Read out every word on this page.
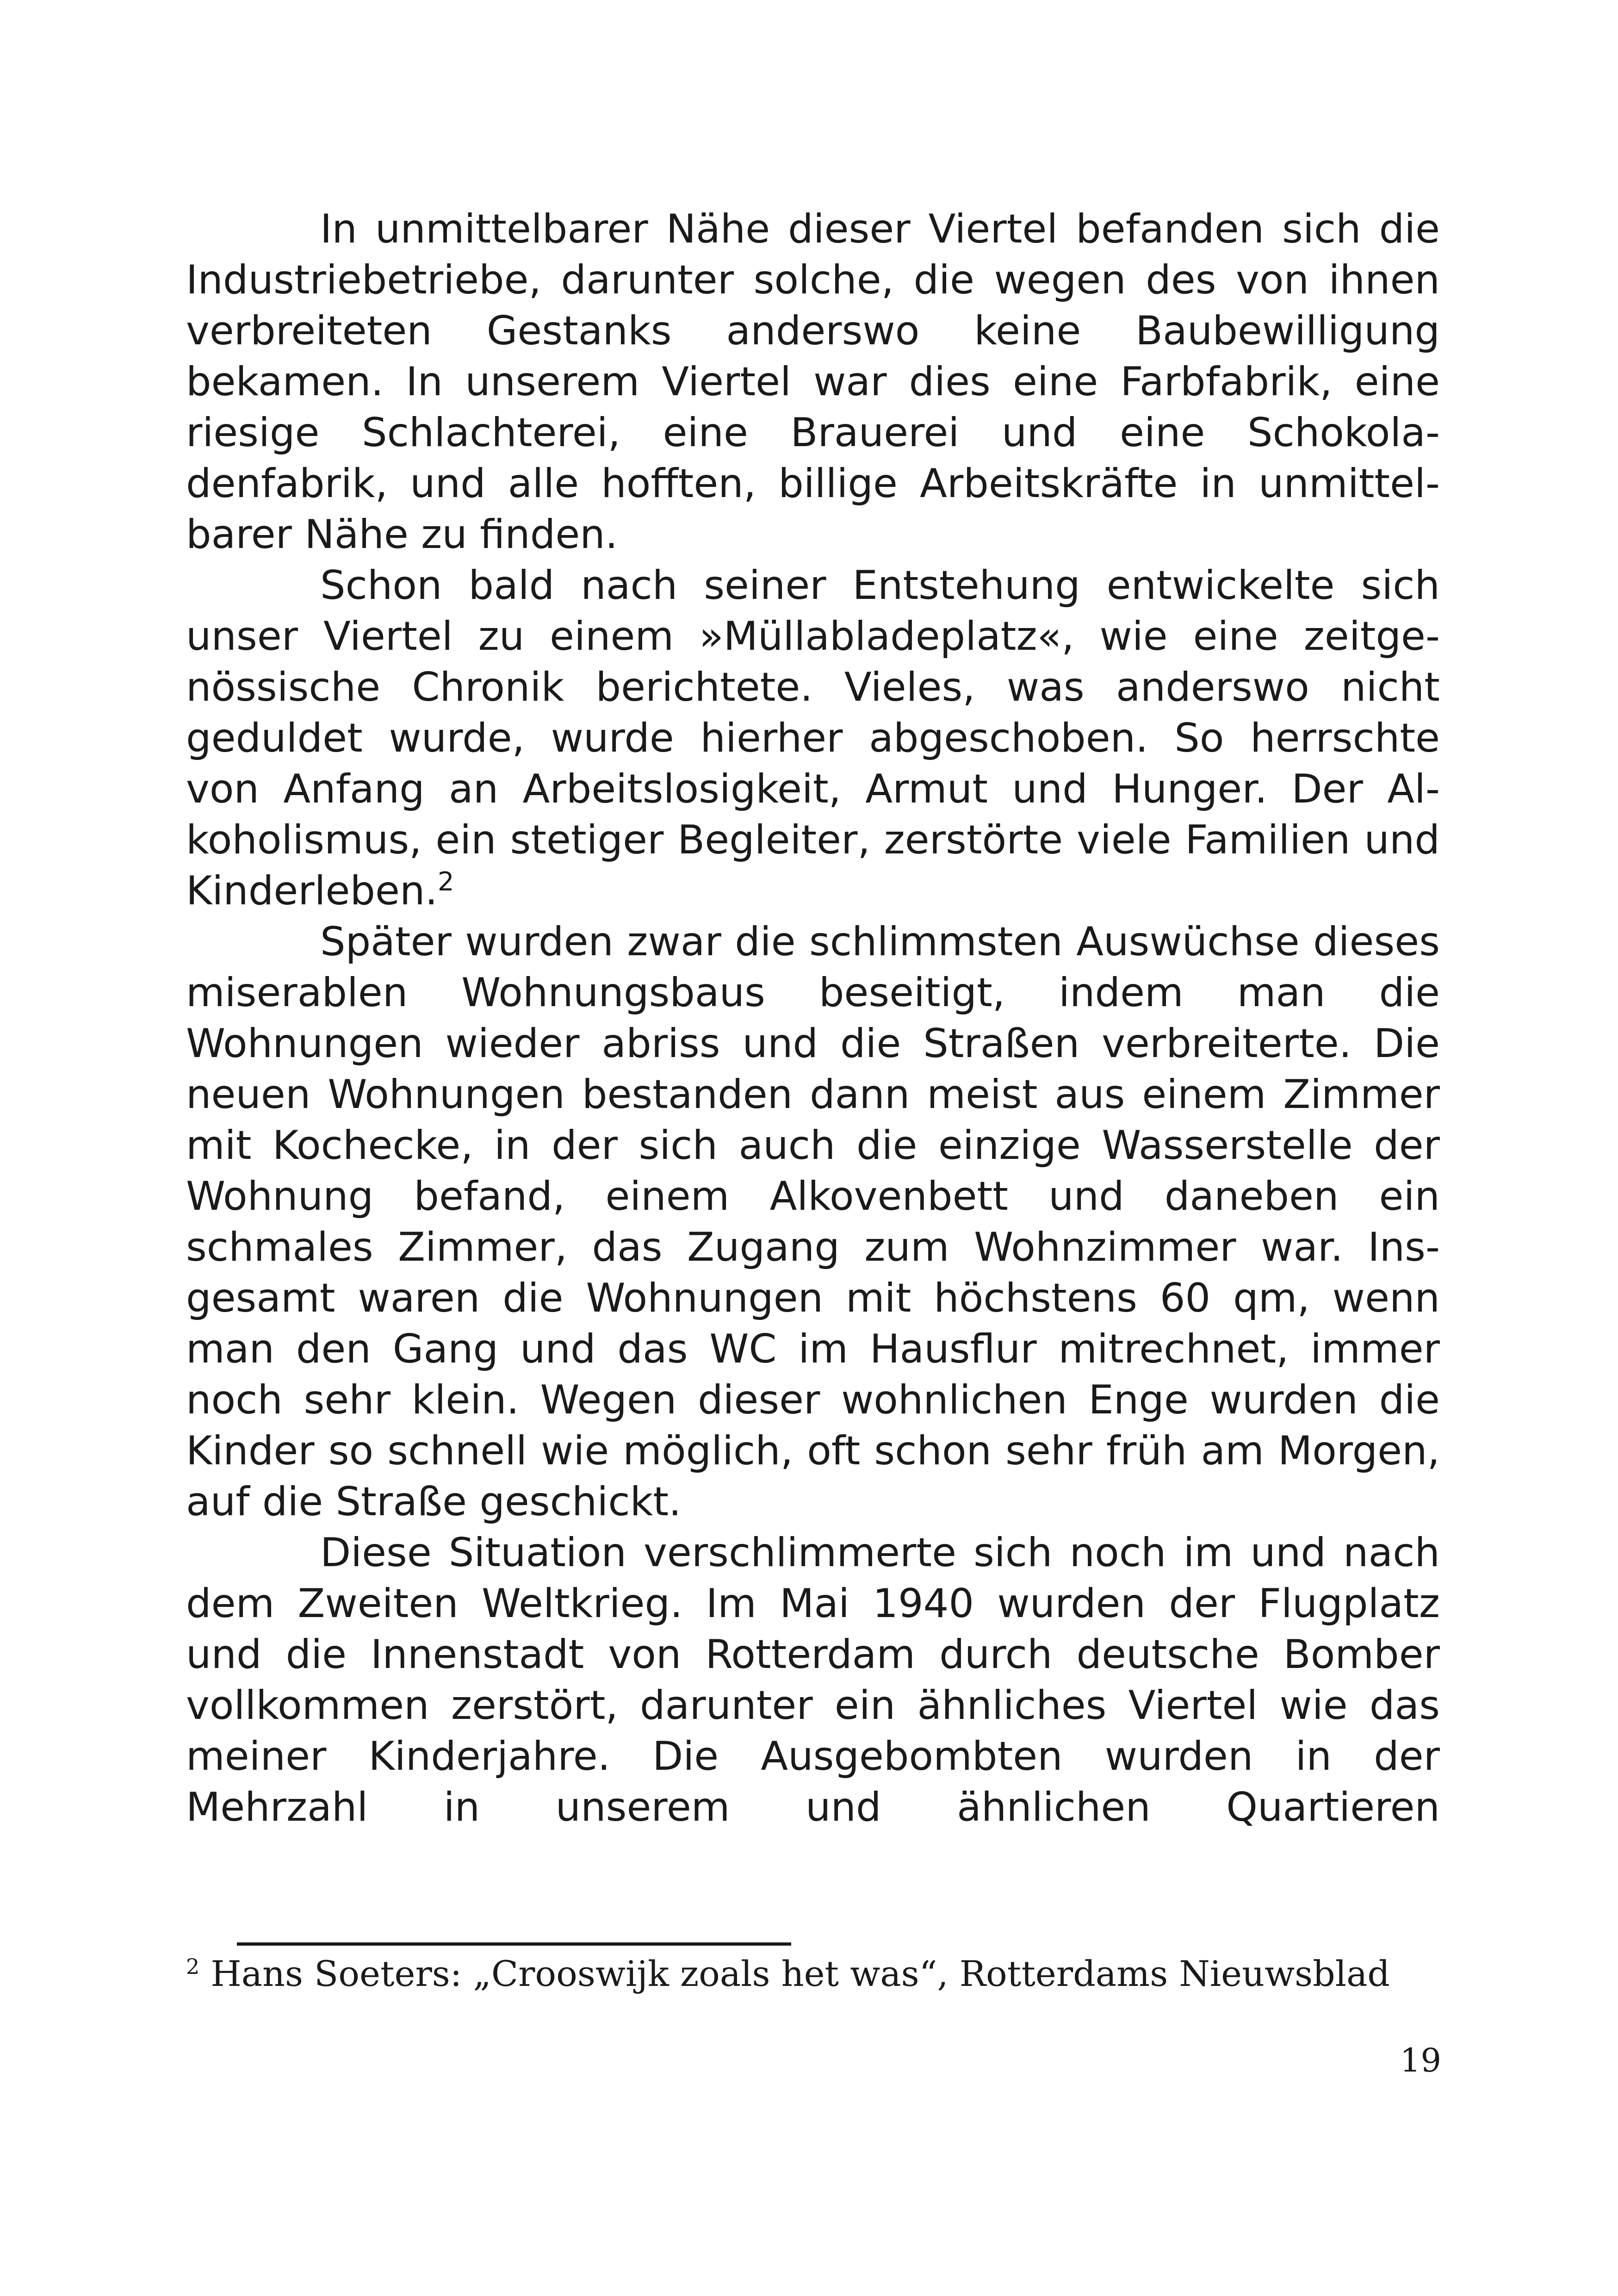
In unmittelbarer Nähe dieser Viertel befanden sich die Industriebetriebe, darunter solche, die wegen des von ihnen verbreiteten Gestanks anderswo keine Baubewilligung bekamen. In unserem Viertel war dies eine Farbfabrik, eine riesige Schlachterei, eine Brauerei und eine Schokoladenfabrik, und alle hofften, billige Arbeitskräfte in unmittelbarer Nähe zu finden.

Schon bald nach seiner Entstehung entwickelte sich unser Viertel zu einem »Müllabladeplatz«, wie eine zeitgenössische Chronik berichtete. Vieles, was anderswo nicht geduldet wurde, wurde hierher abgeschoben. So herrschte von Anfang an Arbeitslosigkeit, Armut und Hunger. Der Alkoholismus, ein stetiger Begleiter, zerstörte viele Familien und Kinderleben.$^2$

Später wurden zwar die schlimmsten Auswüchse dieses miserablen Wohnungsbaus beseitigt, indem man die Wohnungen wieder abriss und die Straßen verbreiterte. Die neuen Wohnungen bestanden dann meist aus einem Zimmer mit Kochecke, in der sich auch die einzige Wasserstelle der Wohnung befand, einem Alkovenbett und daneben ein schmales Zimmer, das Zugang zum Wohnzimmer war. Insgesamt waren die Wohnungen mit höchstens 60 qm, wenn man den Gang und das WC im Hausflur mitrechnet, immer noch sehr klein. Wegen dieser wohnlichen Enge wurden die Kinder so schnell wie möglich, oft schon sehr früh am Morgen, auf die Straße geschickt.

Diese Situation verschlimmerte sich noch im und nach dem Zweiten Weltkrieg. Im Mai 1940 wurden der Flugplatz und die Innenstadt von Rotterdam durch deutsche Bomber vollkommen zerstört, darunter ein ähnliches Viertel wie das meiner Kinderjahre. Die Ausgebombten wurden in der Mehrzahl in unserem und ähnlichen Quartieren

$^2$ Hans Soeters: „Crooswijk zoals het was“, Rotterdams Nieuwsblad
19
